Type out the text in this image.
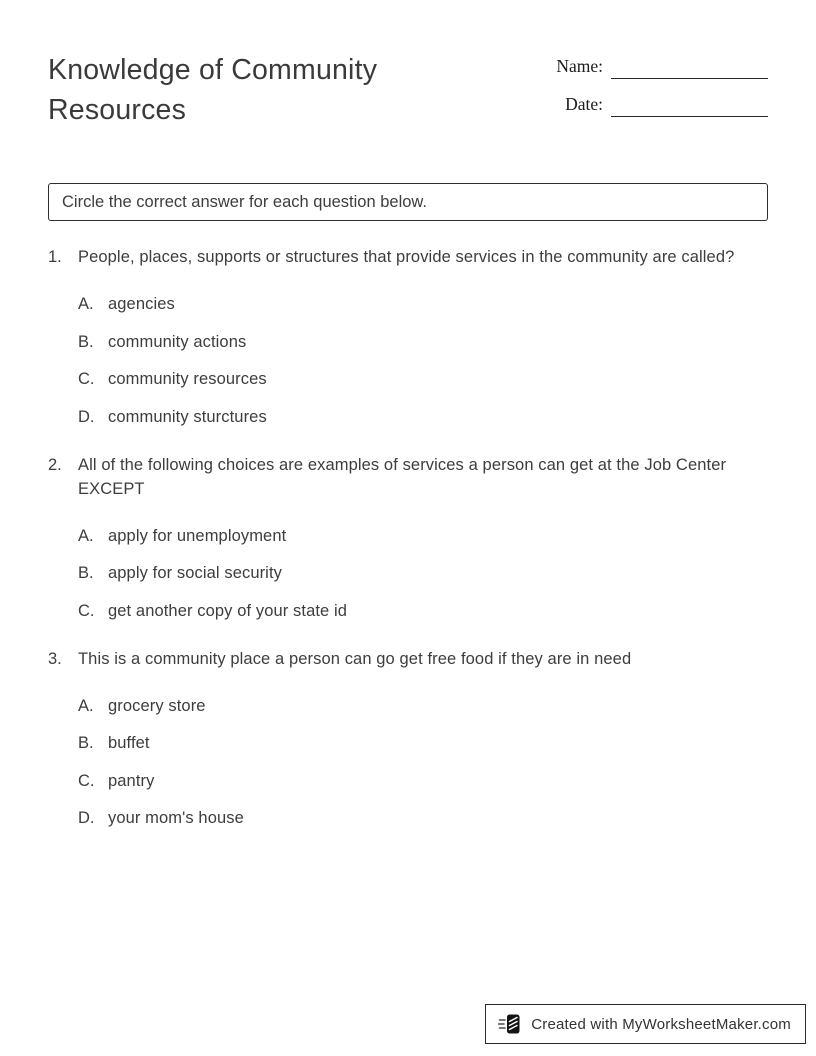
Knowledge of Community Resources
Name:
Date:
Circle the correct answer for each question below.
1. People, places, supports or structures that provide services in the community are called?

A. agencies
B. community actions
C. community resources
D. community sturctures
2. All of the following choices are examples of services a person can get at the Job Center EXCEPT

A. apply for unemployment
B. apply for social security
C. get another copy of your state id
3. This is a community place a person can go get free food if they are in need

A. grocery store
B. buffet
C. pantry
D. your mom's house
Created with MyWorksheetMaker.com
